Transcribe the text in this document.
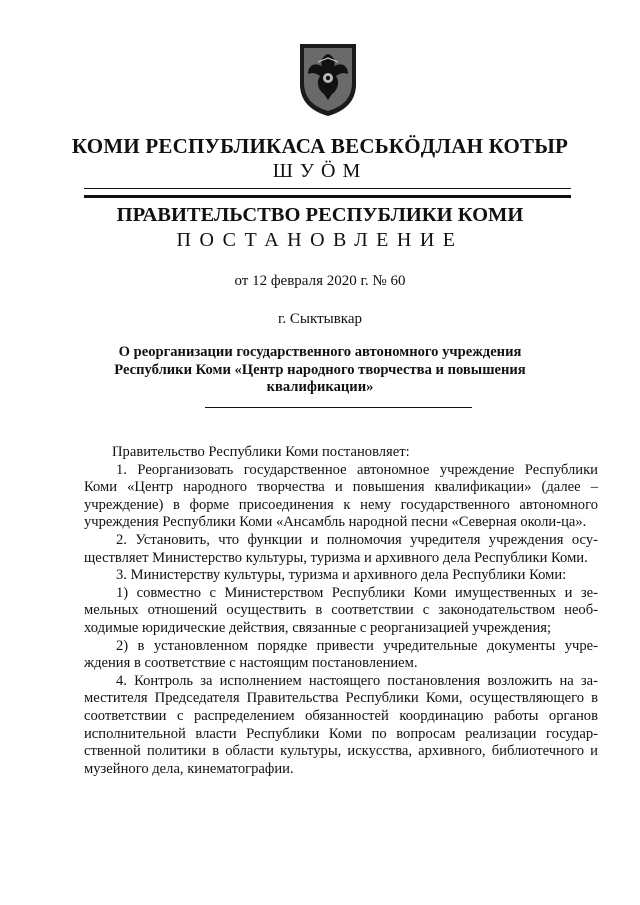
КОМИ РЕСПУБЛИКАСА ВЕСЬКÖДЛАН КОТЫР
ШУÖМ
ПРАВИТЕЛЬСТВО РЕСПУБЛИКИ КОМИ
ПОСТАНОВЛЕНИЕ
от 12 февраля 2020 г. № 60
г. Сыктывкар
О реорганизации государственного автономного учреждения
Республики Коми «Центр народного творчества и повышения
квалификации»

Правительство Республики Коми постановляет:

1. Реорганизовать государственное автономное учреждение Республики Коми «Центр народного творчества и повышения квалификации» (далее – учреждение) в форме присоединения к нему государственного автономного учреждения Республики Коми «Ансамбль народной песни «Северная околи-ца».

2. Установить, что функции и полномочия учредителя учреждения осу-ществляет Министерство культуры, туризма и архивного дела Республики Коми.

3. Министерству культуры, туризма и архивного дела Республики Коми:

1) совместно с Министерством Республики Коми имущественных и зе-мельных отношений осуществить в соответствии с законодательством необ-ходимые юридические действия, связанные с реорганизацией учреждения;

2) в установленном порядке привести учредительные документы учре-ждения в соответствие с настоящим постановлением.

4. Контроль за исполнением настоящего постановления возложить на за-местителя Председателя Правительства Республики Коми, осуществляющего в соответствии с распределением обязанностей координацию работы органов исполнительной власти Республики Коми по вопросам реализации государ-ственной политики в области культуры, искусства, архивного, библиотечного и музейного дела, кинематографии.
